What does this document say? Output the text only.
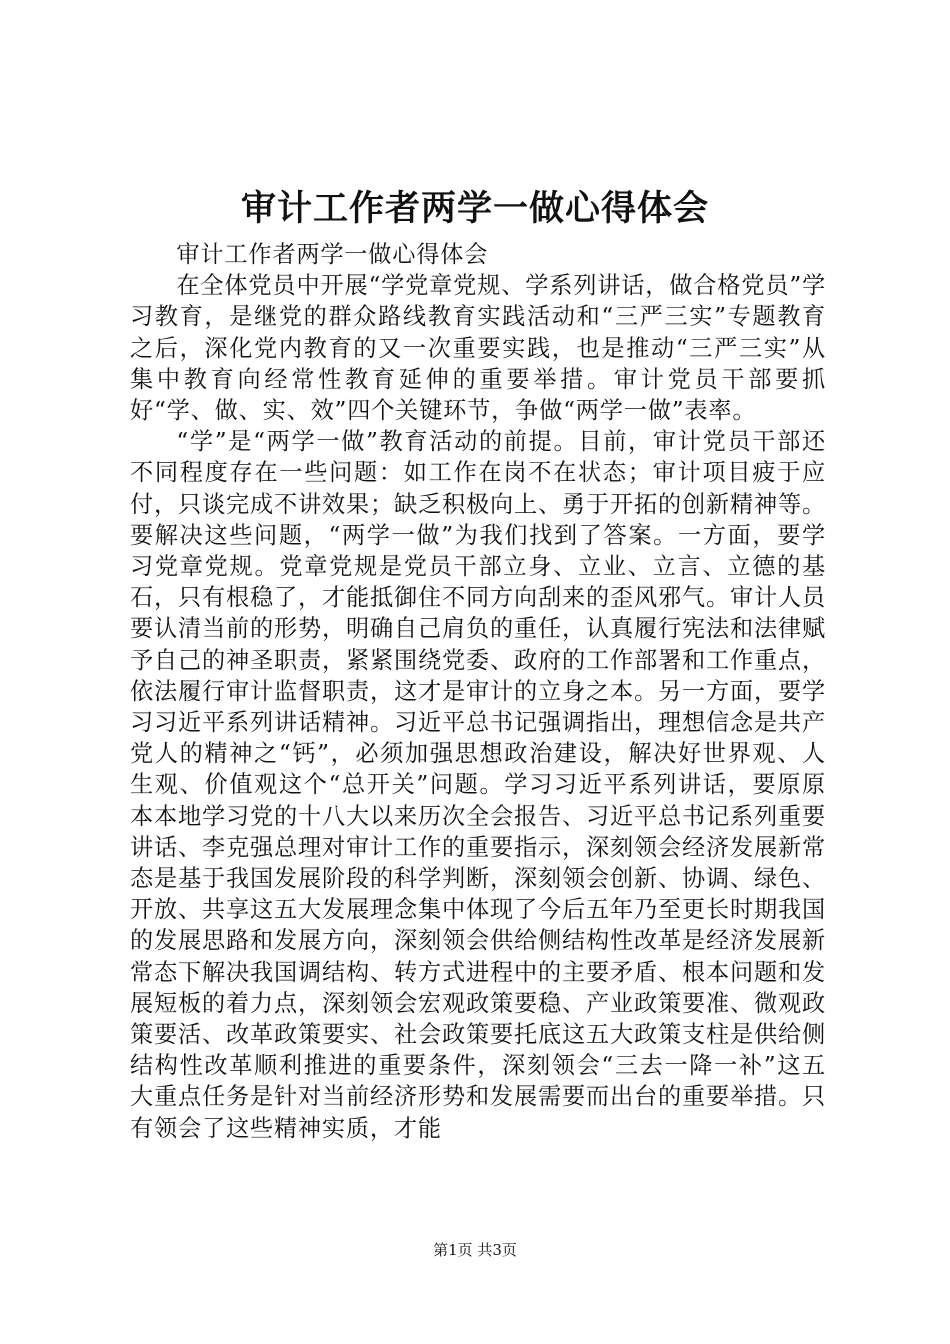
审计工作者两学一做心得体会

审计工作者两学一做心得体会

在全体党员中开展“学党章党规、学系列讲话，做合格党员”学习教育，是继党的群众路线教育实践活动和“三严三实”专题教育之后，深化党内教育的又一次重要实践，也是推动“三严三实”从集中教育向经常性教育延伸的重要举措。审计党员干部要抓好“学、做、实、效”四个关键环节，争做“两学一做”表率。

“学”是“两学一做”教育活动的前提。目前，审计党员干部还不同程度存在一些问题：如工作在岗不在状态；审计项目疲于应付，只谈完成不讲效果；缺乏积极向上、勇于开拓的创新精神等。要解决这些问题，“两学一做”为我们找到了答案。一方面，要学习党章党规。党章党规是党员干部立身、立业、立言、立德的基石，只有根稳了，才能抵御住不同方向刮来的歪风邪气。审计人员要认清当前的形势，明确自己肩负的重任，认真履行宪法和法律赋予自己的神圣职责，紧紧围绕党委、政府的工作部署和工作重点，依法履行审计监督职责，这才是审计的立身之本。另一方面，要学习习近平系列讲话精神。习近平总书记强调指出，理想信念是共产党人的精神之“钙”，必须加强思想政治建设，解决好世界观、人生观、价值观这个“总开关”问题。学习习近平系列讲话，要原原本本地学习党的十八大以来历次全会报告、习近平总书记系列重要讲话、李克强总理对审计工作的重要指示，深刻领会经济发展新常态是基于我国发展阶段的科学判断，深刻领会创新、协调、绿色、开放、共享这五大发展理念集中体现了今后五年乃至更长时期我国的发展思路和发展方向，深刻领会供给侧结构性改革是经济发展新常态下解决我国调结构、转方式进程中的主要矛盾、根本问题和发展短板的着力点，深刻领会宏观政策要稳、产业政策要准、微观政策要活、改革政策要实、社会政策要托底这五大政策支柱是供给侧结构性改革顺利推进的重要条件，深刻领会“三去一降一补”这五大重点任务是针对当前经济形势和发展需要而出台的重要举措。只有领会了这些精神实质，才能

第1页 共3页
